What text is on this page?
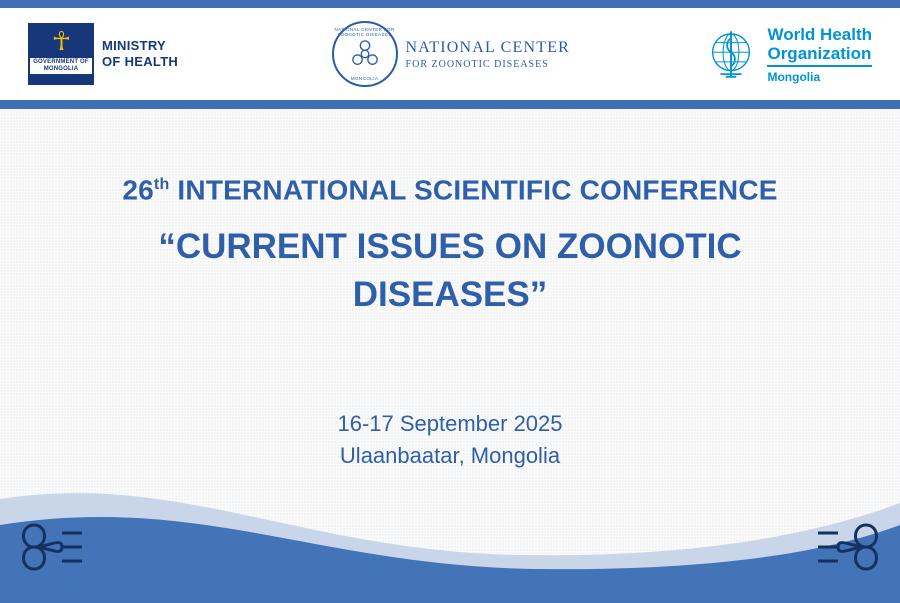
☥
GOVERNMENT OF
MONGOLIA
MINISTRY
OF HEALTH
NATIONAL CENTER FOR ZOONOTIC DISEASES
MONGOLIA
NATIONAL CENTER
FOR ZOONOTIC DISEASES
World Health
Organization
Mongolia
26th INTERNATIONAL SCIENTIFIC CONFERENCE
“CURRENT ISSUES ON ZOONOTIC DISEASES”
16-17 September 2025
Ulaanbaatar, Mongolia
